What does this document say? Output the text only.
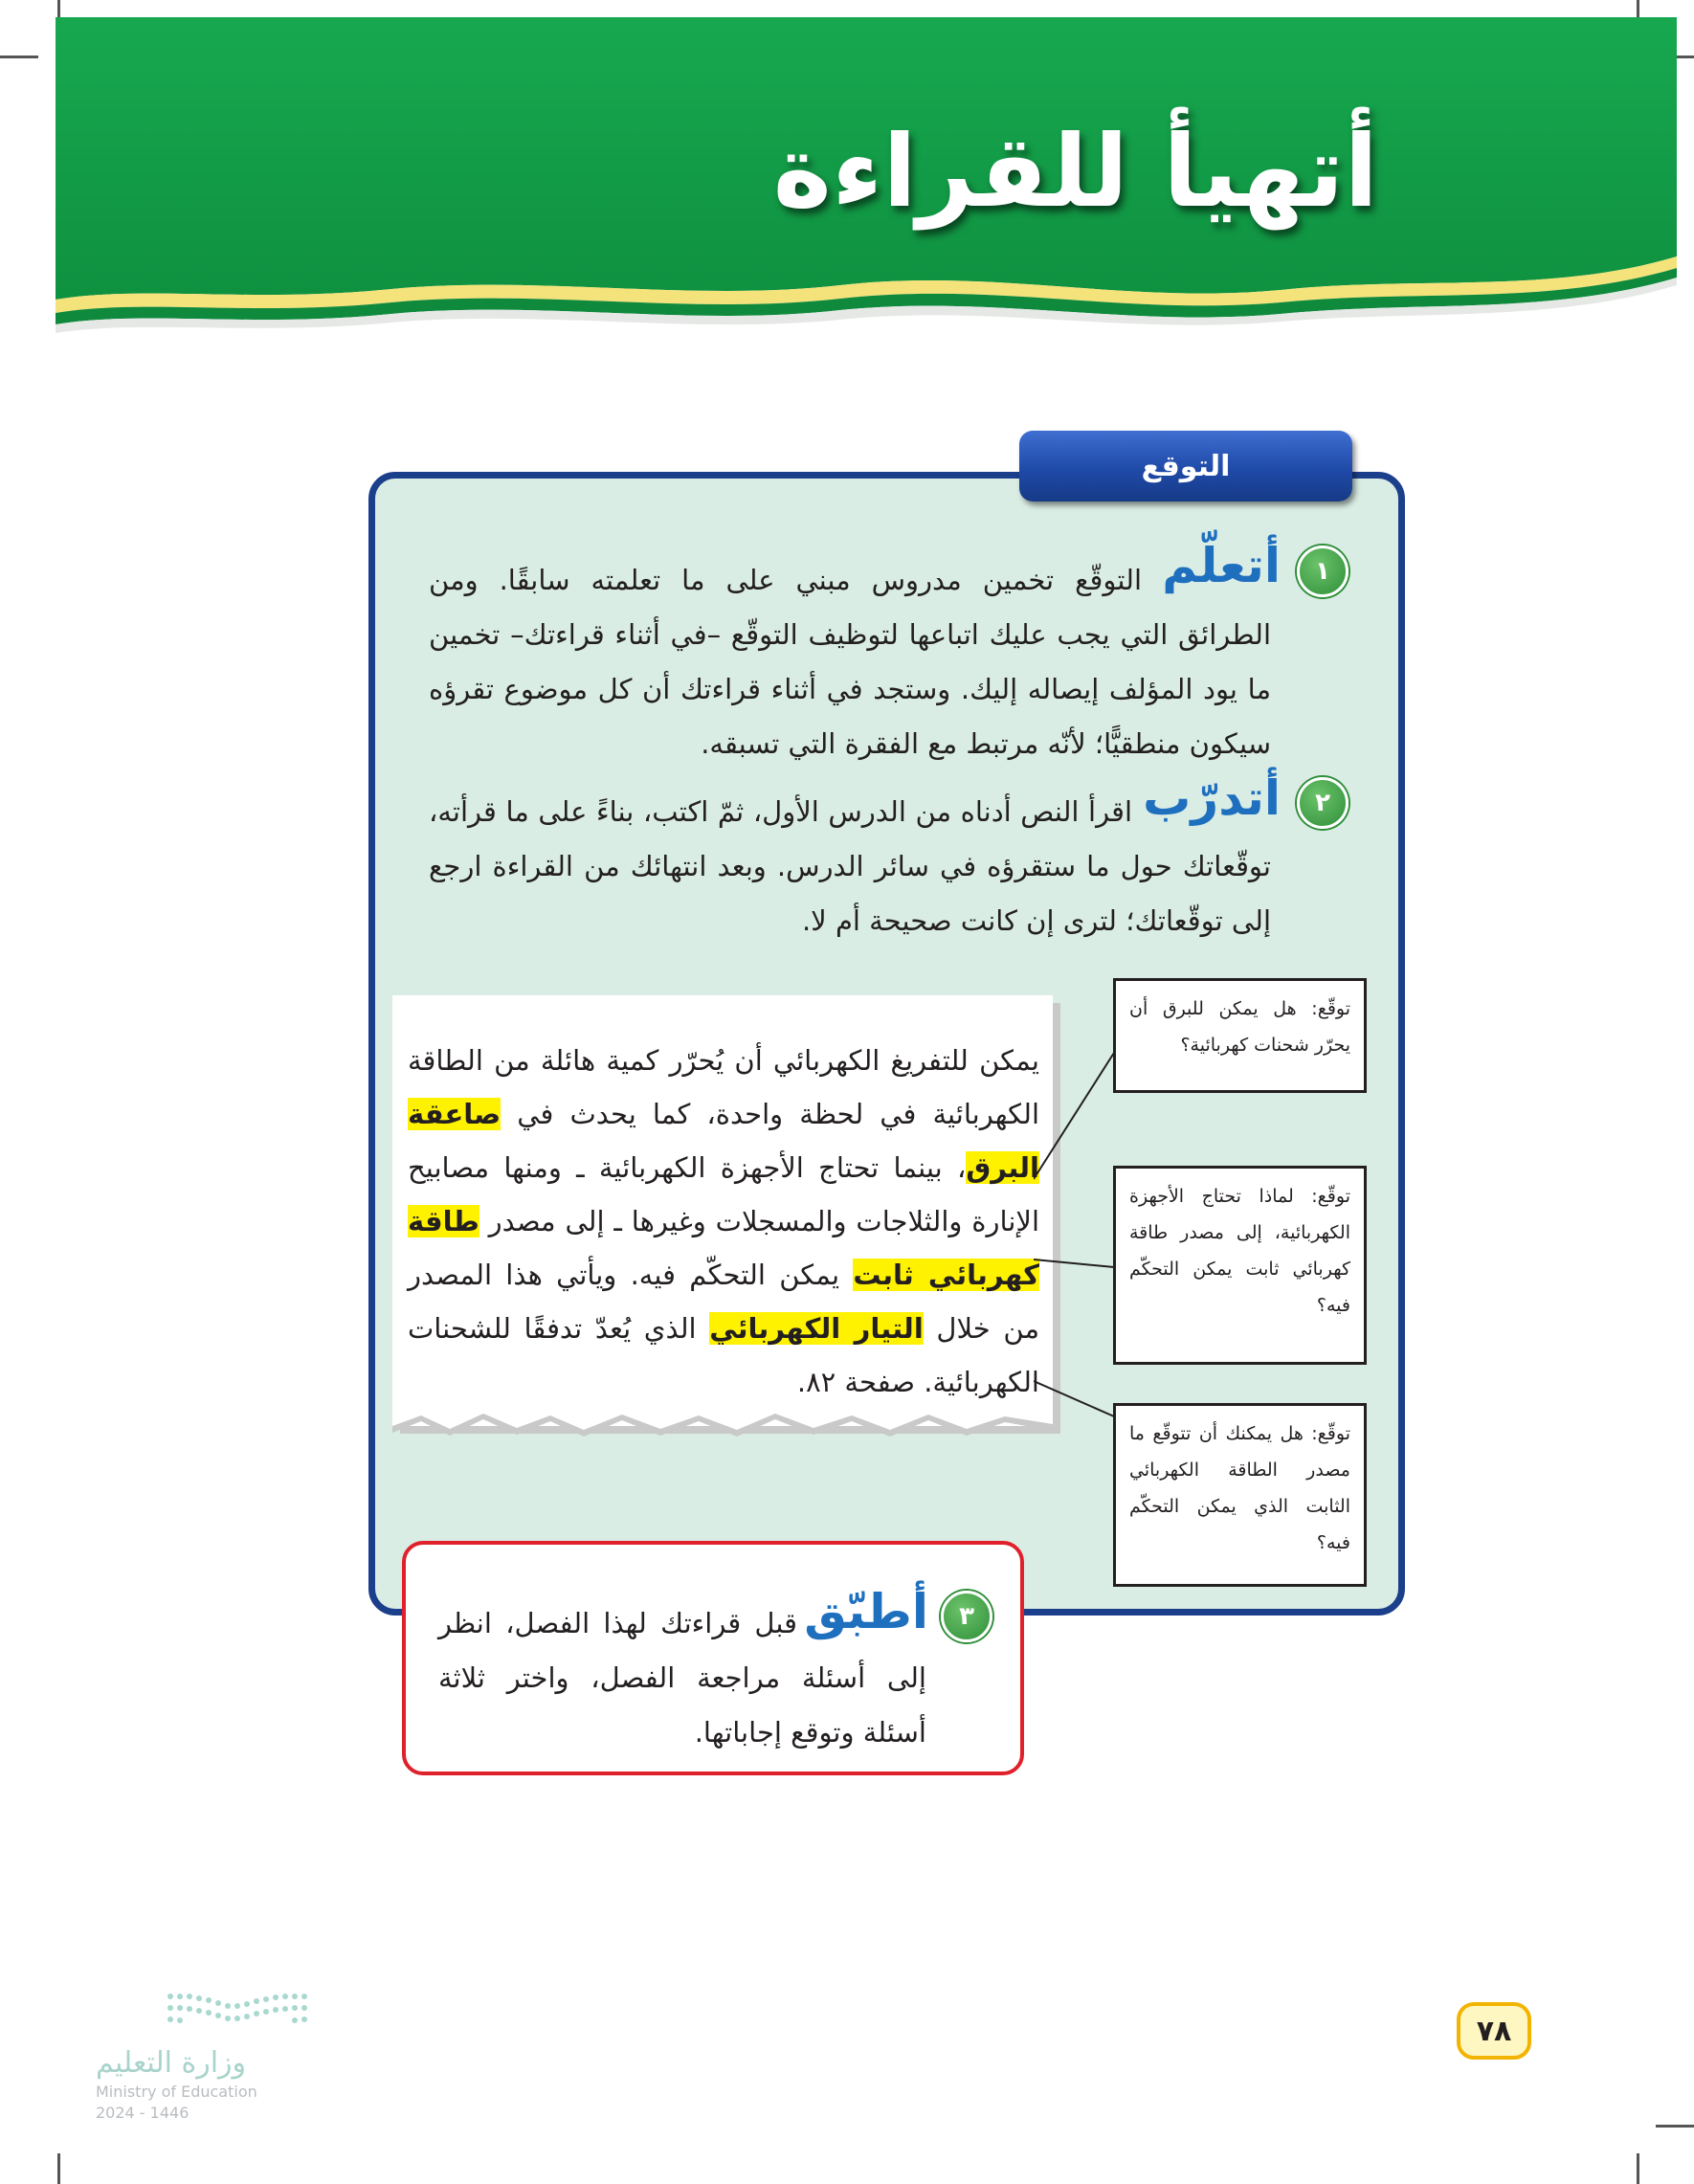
أتهيأ للقراءة
التوقع
١
أتعلّم
التوقّع تخمين مدروس مبني على ما تعلمته سابقًا. ومن الطرائق التي يجب عليك اتباعها لتوظيف التوقّع –في أثناء قراءتك– تخمين ما يود المؤلف إيصاله إليك. وستجد في أثناء قراءتك أن كل موضوع تقرؤه سيكون منطقيًّا؛ لأنّه مرتبط مع الفقرة التي تسبقه.
٢
أتدرّب
اقرأ النص أدناه من الدرس الأول، ثمّ اكتب، بناءً على ما قرأته، توقّعاتك حول ما ستقرؤه في سائر الدرس. وبعد انتهائك من القراءة ارجع إلى توقّعاتك؛ لترى إن كانت صحيحة أم لا.
يمكن للتفريغ الكهربائي أن يُحرّر كمية هائلة من الطاقة الكهربائية في لحظة واحدة، كما يحدث في صاعقة البرق، بينما تحتاج الأجهزة الكهربائية ـ ومنها مصابيح الإنارة والثلاجات والمسجلات وغيرها ـ إلى مصدر طاقة كهربائي ثابت يمكن التحكّم فيه. ويأتي هذا المصدر من خلال التيار الكهربائي الذي يُعدّ تدفقًا للشحنات الكهربائية. صفحة ٨٢.
توقّع: هل يمكن للبرق أن يحرّر شحنات كهربائية؟
توقّع: لماذا تحتاج الأجهزة الكهربائية، إلى مصدر طاقة كهربائي ثابت يمكن التحكّم فيه؟
توقّع: هل يمكنك أن تتوقّع ما مصدر الطاقة الكهربائي الثابت الذي يمكن التحكّم فيه؟
٣
أطبّق
قبل قراءتك لهذا الفصل، انظر إلى أسئلة مراجعة الفصل، واختر ثلاثة أسئلة وتوقع إجاباتها.
٧٨
وزارة التعليم
Ministry of Education
2024 - 1446
